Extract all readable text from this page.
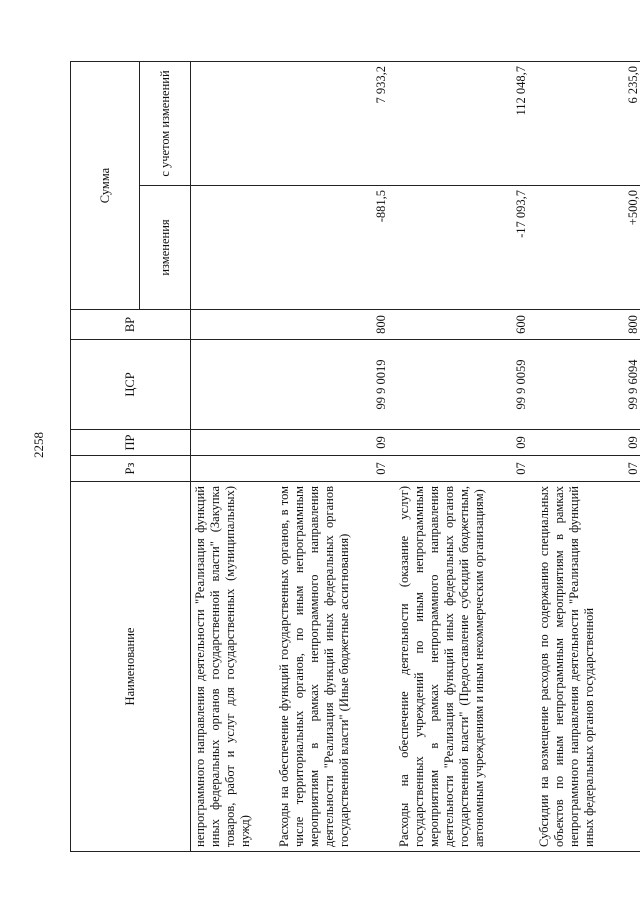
2258
Наименование	Рз	ПР	ЦСР	ВР	Сумма	
					изменения	с учетом изменений
непрограммного направления деятельности "Реализация функций иных федеральных органов государственной власти" (Закупка товаров, работ и услуг для государственных (муниципальных) нужд)						
Расходы на обеспечение функций государственных органов, в том числе территориальных органов, по иным непрограммным мероприятиям в рамках непрограммного направления деятельности "Реализация функций иных федеральных органов государственной власти" (Иные бюджетные ассигнования)	07	09	99 9 0019	800	-881,5	7 933,2
Расходы на обеспечение деятельности (оказание услуг) государственных учреждений по иным непрограммным мероприятиям в рамках непрограммного направления деятельности "Реализация функций иных федеральных органов государственной власти" (Предоставление субсидий бюджетным, автономным учреждениям и иным некоммерческим организациям)	07	09	99 9 0059	600	-17 093,7	112 048,7
Субсидии на возмещение расходов по содержанию специальных объектов по иным непрограммным мероприятиям в рамках непрограммного направления деятельности "Реализация функций иных федеральных органов государственной	07	09	99 9 6094	800	+500,0	6 235,0
